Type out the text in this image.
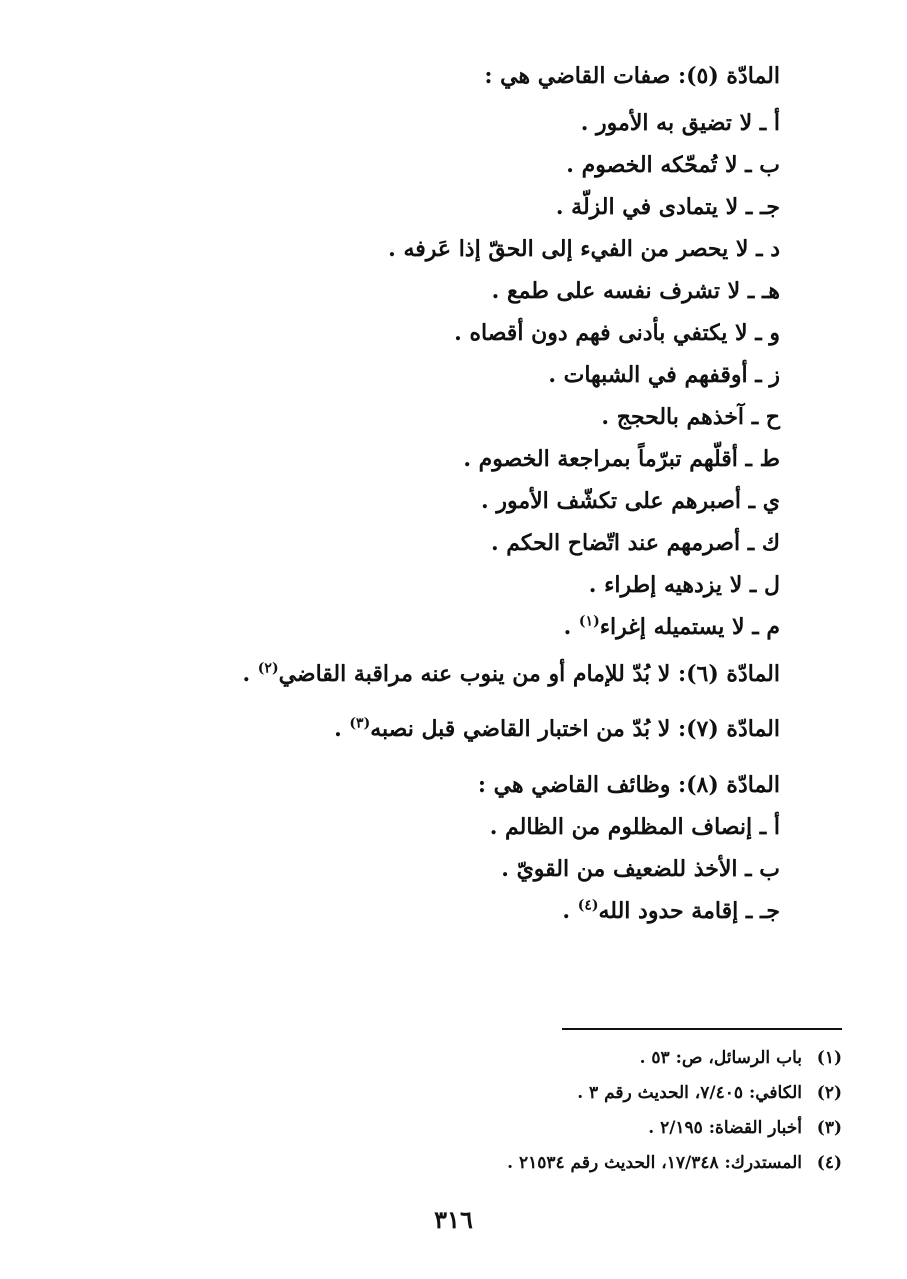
المادّة (٥): صفات القاضي هي :
أ ـ لا تضيق به الأمور .
ب ـ لا تُمحّكه الخصوم .
جـ ـ لا يتمادى في الزلّة .
د ـ لا يحصر من الفيء إلى الحقّ إذا عَرفه .
هـ ـ لا تشرف نفسه على طمع .
و ـ لا يكتفي بأدنى فهم دون أقصاه .
ز ـ أوقفهم في الشبهات .
ح ـ آخذهم بالحجج .
ط ـ أقلّهم تبرّماً بمراجعة الخصوم .
ي ـ أصبرهم على تكشّف الأمور .
ك ـ أصرمهم عند اتّضاح الحكم .
ل ـ لا يزدهيه إطراء .
م ـ لا يستميله إغراء$^{(١)}$ .
المادّة (٦): لا بُدّ للإمام أو من ينوب عنه مراقبة القاضي$^{(٢)}$ .
المادّة (٧): لا بُدّ من اختبار القاضي قبل نصبه$^{(٣)}$ .
المادّة (٨): وظائف القاضي هي :
أ ـ إنصاف المظلوم من الظالم .
ب ـ الأخذ للضعيف من القويّ .
جـ ـ إقامة حدود الله$^{(٤)}$ .
(١)باب الرسائل، ص: ٥٣ .
(٢)الكافي: ٧/٤٠٥، الحديث رقم ٣ .
(٣)أخبار القضاة: ٢/١٩٥ .
(٤)المستدرك: ١٧/٣٤٨، الحديث رقم ٢١٥٣٤ .
٣١٦
